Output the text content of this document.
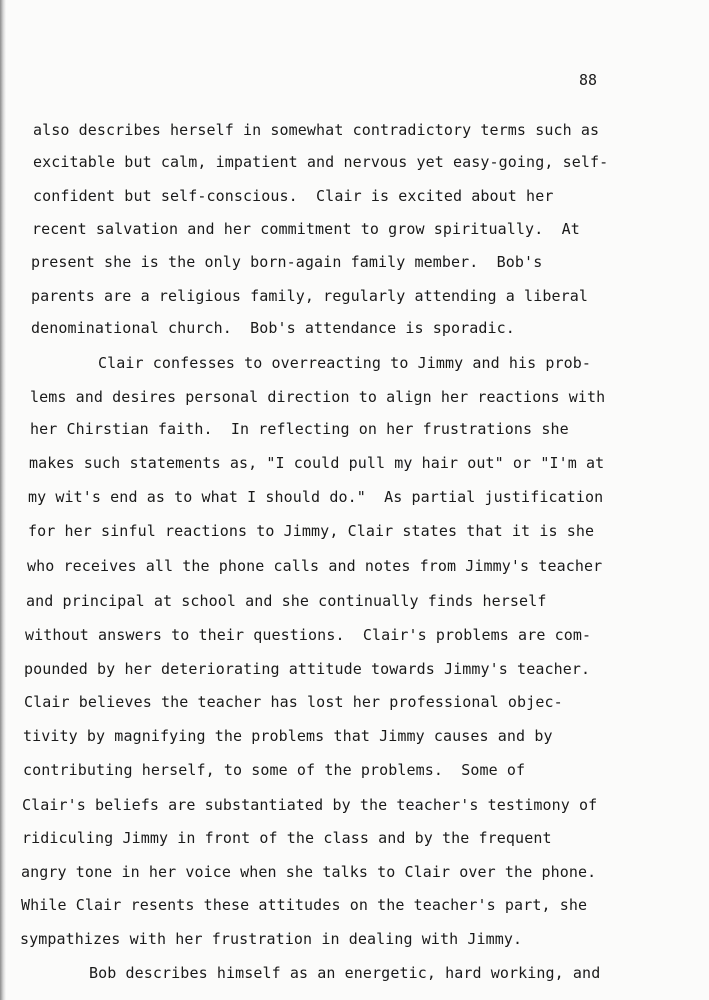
88
also describes herself in somewhat contradictory terms such as
excitable but calm, impatient and nervous yet easy-going, self-
confident but self-conscious.  Clair is excited about her
recent salvation and her commitment to grow spiritually.  At
present she is the only born-again family member.  Bob's
parents are a religious family, regularly attending a liberal
denominational church.  Bob's attendance is sporadic.
Clair confesses to overreacting to Jimmy and his prob-
lems and desires personal direction to align her reactions with
her Chirstian faith.  In reflecting on her frustrations she
makes such statements as, "I could pull my hair out" or "I'm at
my wit's end as to what I should do."  As partial justification
for her sinful reactions to Jimmy, Clair states that it is she
who receives all the phone calls and notes from Jimmy's teacher
and principal at school and she continually finds herself
without answers to their questions.  Clair's problems are com-
pounded by her deteriorating attitude towards Jimmy's teacher.
Clair believes the teacher has lost her professional objec-
tivity by magnifying the problems that Jimmy causes and by
contributing herself, to some of the problems.  Some of
Clair's beliefs are substantiated by the teacher's testimony of
ridiculing Jimmy in front of the class and by the frequent
angry tone in her voice when she talks to Clair over the phone.
While Clair resents these attitudes on the teacher's part, she
sympathizes with her frustration in dealing with Jimmy.
Bob describes himself as an energetic, hard working, and
